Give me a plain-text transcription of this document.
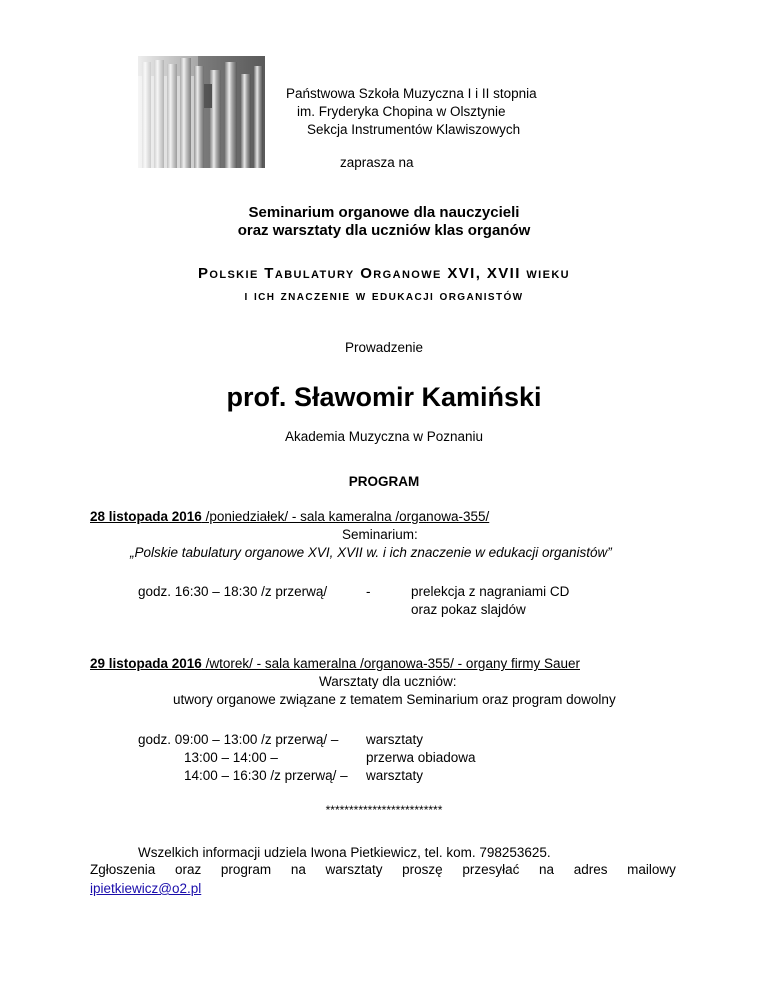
Państwowa Szkoła Muzyczna I i II stopnia
im. Fryderyka Chopina w Olsztynie
Sekcja Instrumentów Klawiszowych
zaprasza na
Seminarium organowe dla nauczycieli
oraz warsztaty dla uczniów klas organów
Polskie Tabulatury Organowe XVI, XVII wieku
i ich znaczenie w edukacji organistów
Prowadzenie
prof. Sławomir Kamiński
Akademia Muzyczna w Poznaniu
PROGRAM
28 listopada 2016 /poniedziałek/ - sala kameralna /organowa-355/
Seminarium:
„Polskie tabulatury organowe XVI, XVII w. i ich znaczenie w edukacji organistów”
godz. 16:30 – 18:30 /z przerwą/	-	prelekcja z nagraniami CD
oraz pokaz slajdów
29 listopada 2016 /wtorek/ - sala kameralna /organowa-355/ - organy firmy Sauer
Warsztaty dla uczniów:
utwory organowe związane z tematem Seminarium oraz program dowolny
godz. 09:00 – 13:00 /z przerwą/ – warsztaty
13:00 – 14:00 –
warsztaty
przerwa obiadowa
14:00 – 16:30 /z przerwą/ –
*************************
Wszelkich informacji udziela Iwona Pietkiewicz, tel. kom. 798253625.
Zgłoszenia oraz program na warsztaty proszę przesyłać na adres mailowy
ipietkiewicz@o2.pl
